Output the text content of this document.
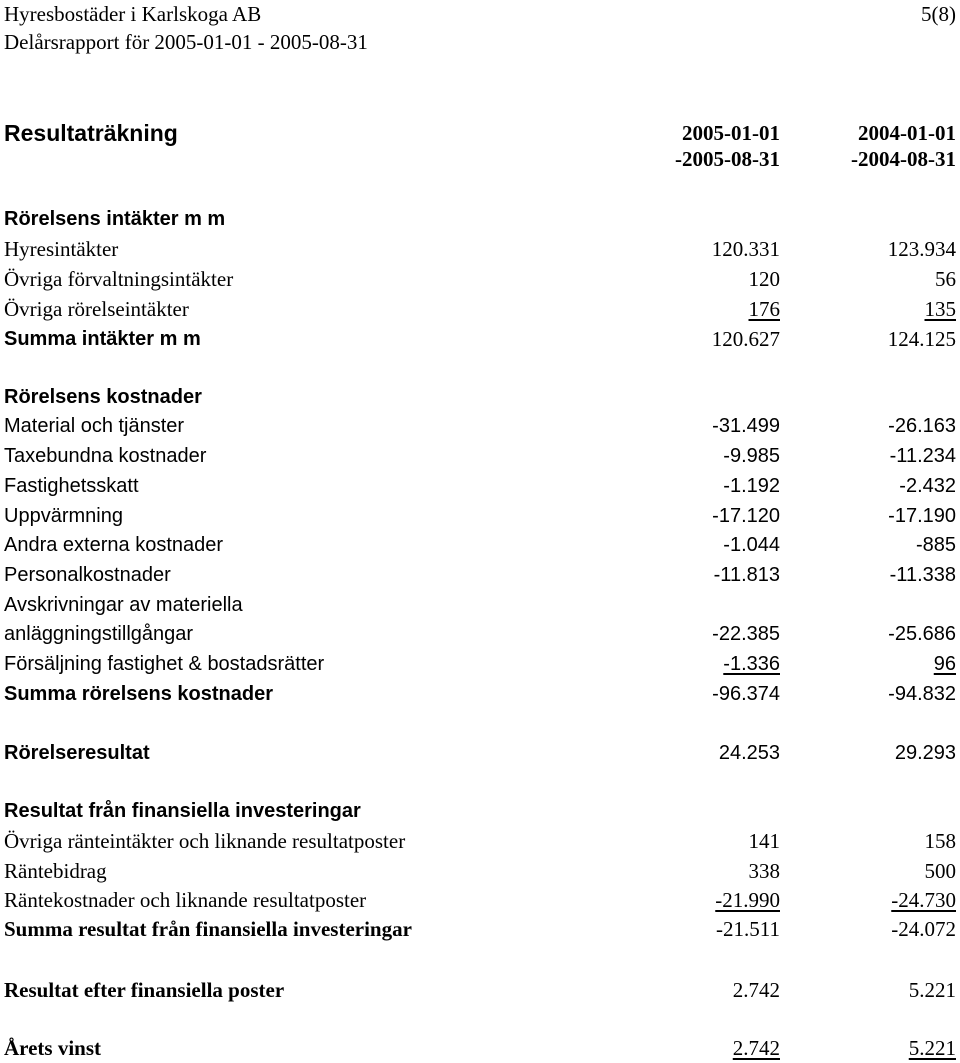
Hyresbostäder i Karlskoga AB	5(8)
Delårsrapport för 2005-01-01 - 2005-08-31
Resultaträkning	2005-01-01	2004-01-01
-2005-08-31	-2004-08-31
Rörelsens intäkter m m
Hyresintäkter	120.331	123.934
Övriga förvaltningsintäkter	120	56
Övriga rörelseintäkter	176	135
Summa intäkter m m	120.627	124.125
Rörelsens kostnader
Material och tjänster	-31.499	-26.163
Taxebundna kostnader	-9.985	-11.234
Fastighetsskatt	-1.192	-2.432
Uppvärmning	-17.120	-17.190
Andra externa kostnader	-1.044	-885
Personalkostnader	-11.813	-11.338
Avskrivningar av materiella
anläggningstillgångar	-22.385	-25.686
Försäljning fastighet & bostadsrätter	-1.336	96
Summa rörelsens kostnader	-96.374	-94.832
Rörelseresultat	24.253	29.293
Resultat från finansiella investeringar
Övriga ränteintäkter och liknande resultatposter	141	158
Räntebidrag	338	500
Räntekostnader och liknande resultatposter	-21.990	-24.730
Summa resultat från finansiella investeringar	-21.511	-24.072
Resultat efter finansiella poster	2.742	5.221
Årets vinst	2.742	5.221
